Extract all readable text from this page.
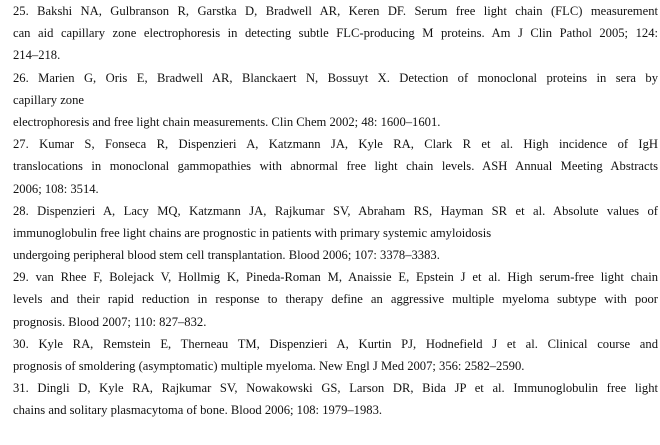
25. Bakshi NA, Gulbranson R, Garstka D, Bradwell AR, Keren DF. Serum free light chain (FLC) measurement
can aid capillary zone electrophoresis in detecting subtle FLC-producing M proteins. Am J Clin Pathol 2005; 124:
214–218.
26. Marien G, Oris E, Bradwell AR, Blanckaert N, Bossuyt X. Detection of monoclonal proteins in sera by
capillary zone
electrophoresis and free light chain measurements. Clin Chem 2002; 48: 1600–1601.
27. Kumar S, Fonseca R, Dispenzieri A, Katzmann JA, Kyle RA, Clark R et al. High incidence of IgH
translocations in monoclonal gammopathies with abnormal free light chain levels. ASH Annual Meeting Abstracts
2006; 108: 3514.
28. Dispenzieri A, Lacy MQ, Katzmann JA, Rajkumar SV, Abraham RS, Hayman SR et al. Absolute values of
immunoglobulin free light chains are prognostic in patients with primary systemic amyloidosis
undergoing peripheral blood stem cell transplantation. Blood 2006; 107: 3378–3383.
29. van Rhee F, Bolejack V, Hollmig K, Pineda-Roman M, Anaissie E, Epstein J et al. High serum-free light chain
levels and their rapid reduction in response to therapy define an aggressive multiple myeloma subtype with poor
prognosis. Blood 2007; 110: 827–832.
30. Kyle RA, Remstein E, Therneau TM, Dispenzieri A, Kurtin PJ, Hodnefield J et al. Clinical course and
prognosis of smoldering (asymptomatic) multiple myeloma. New Engl J Med 2007; 356: 2582–2590.
31. Dingli D, Kyle RA, Rajkumar SV, Nowakowski GS, Larson DR, Bida JP et al. Immunoglobulin free light
chains and solitary plasmacytoma of bone. Blood 2006; 108: 1979–1983.
